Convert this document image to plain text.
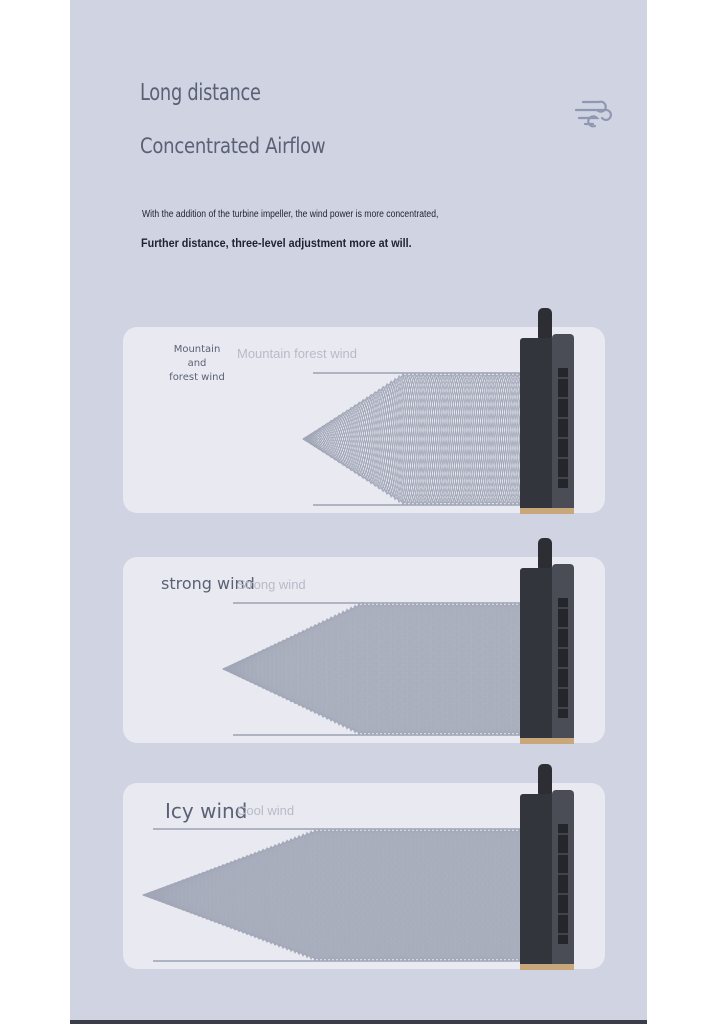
Long distance
Concentrated Airflow
With the addition of the turbine impeller, the wind power is more concentrated,
Further distance, three-level adjustment more at will.
Mountain and
forest wind
Mountain forest wind
strong wind
Strong wind
Icy wind
Cool wind
